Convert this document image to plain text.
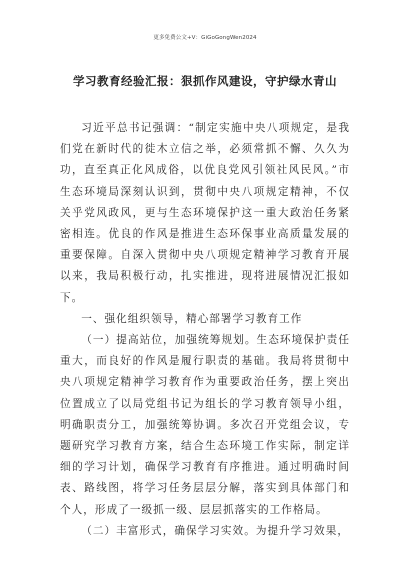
更多免费公文+V：GiGoGongWen2024
学习教育经验汇报：狠抓作风建设，守护绿水青山

习近平总书记强调：“制定实施中央八项规定，是我们党在新时代的徙木立信之举，必须常抓不懈、久久为功，直至真正化风成俗，以优良党风引领社风民风。”市生态环境局深刻认识到，贯彻中央八项规定精神，不仅关乎党风政风，更与生态环境保护这一重大政治任务紧密相连。优良的作风是推进生态环保事业高质量发展的重要保障。自深入贯彻中央八项规定精神学习教育开展以来，我局积极行动，扎实推进，现将进展情况汇报如下。

一、强化组织领导，精心部署学习教育工作

（一）提高站位，加强统筹规划。生态环境保护责任重大，而良好的作风是履行职责的基础。我局将贯彻中央八项规定精神学习教育作为重要政治任务，摆上突出位置成立了以局党组书记为组长的学习教育领导小组，明确职责分工，加强统筹协调。多次召开党组会议，专题研究学习教育方案，结合生态环境工作实际，制定详细的学习计划，确保学习教育有序推进。通过明确时间表、路线图，将学习任务层层分解，落实到具体部门和个人，形成了一级抓一级、层层抓落实的工作格局。

（二）丰富形式，确保学习实效。为提升学习效果，
